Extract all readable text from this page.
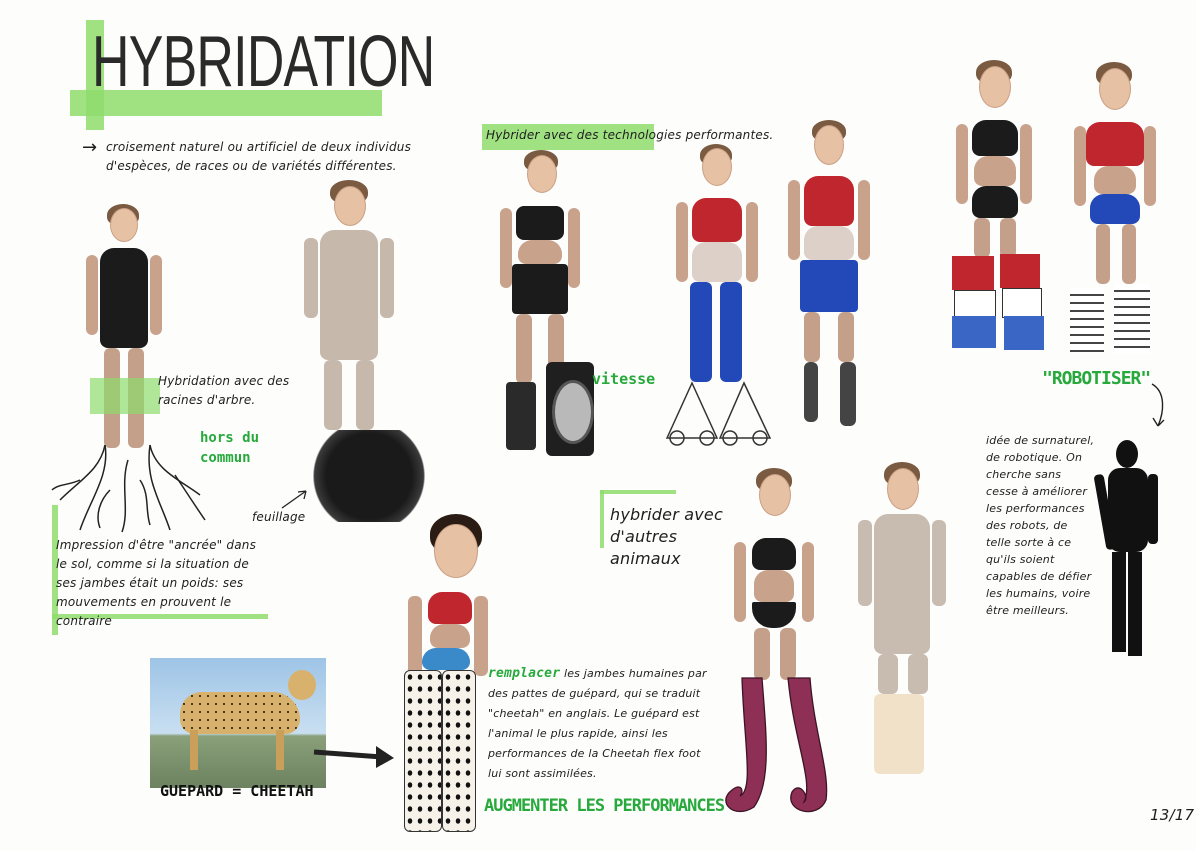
HYBRIDATION
→ croisement naturel ou artificiel de deux individus d'espèces, de races ou de variétés différentes.
Hybridation avec des racines d'arbre.
hors du commun
feuillage
Impression d'être "ancrée" dans le sol, comme si la situation de ses jambes était un poids: ses mouvements en prouvent le contraire
Hybrider avec des technologies performantes.
vitesse	"ROBOTISER"
idée de surnaturel, de robotique. On cherche sans cesse à améliorer les performances des robots, de telle sorte à ce qu'ils soient capables de défier les humains, voire être meilleurs.
hybrider avec d'autres animaux
GUEPARD = CHEETAH
remplacer les jambes humaines par des pattes de guépard, qui se traduit "cheetah" en anglais. Le guépard est l'animal le plus rapide, ainsi les performances de la Cheetah flex foot lui sont assimilées.
AUGMENTER LES PERFORMANCES	13/17
